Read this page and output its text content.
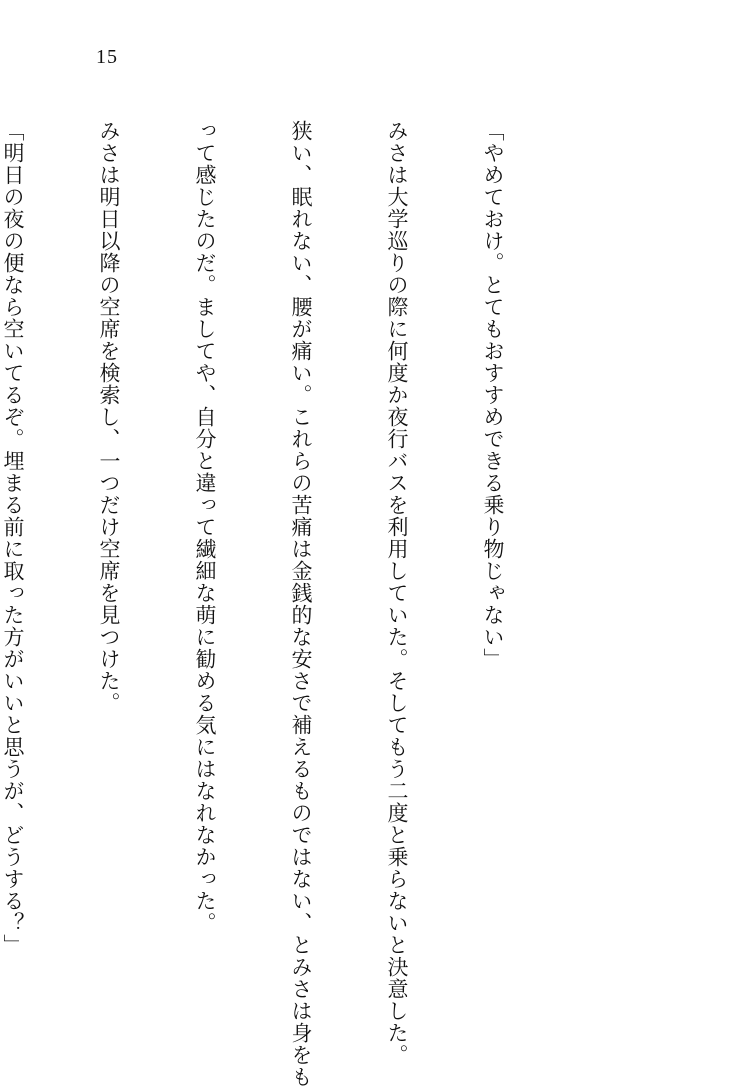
15

「やめておけ。とてもおすすめできる乗り物じゃない」

みさは大学巡りの際に何度か夜行バスを利用していた。そしてもう二度と乗らないと決意した。

狭い、眠れない、腰が痛い。これらの苦痛は金銭的な安さで補えるものではない、とみさは身をも

って感じたのだ。ましてや、自分と違って繊細な萌に勧める気にはなれなかった。

みさは明日以降の空席を検索し、一つだけ空席を見つけた。

「明日の夜の便なら空いてるぞ。埋まる前に取った方がいいと思うが、どうする？」
